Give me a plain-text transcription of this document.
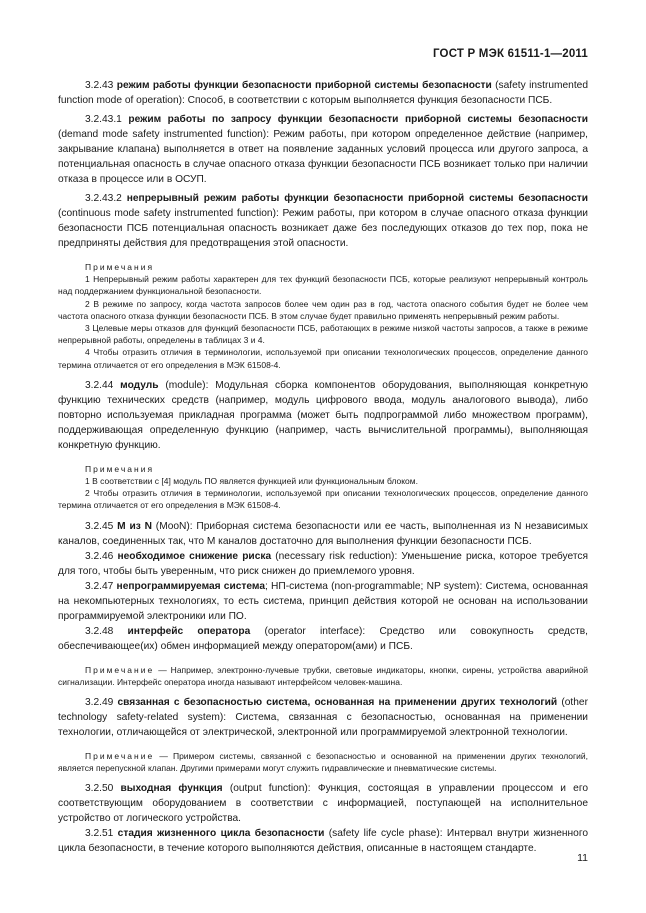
ГОСТ Р МЭК 61511-1—2011

3.2.43 режим работы функции безопасности приборной системы безопасности (safety instrumented function mode of operation): Способ, в соответствии с которым выполняется функция безопасности ПСБ.

3.2.43.1 режим работы по запросу функции безопасности приборной системы безопасности (demand mode safety instrumented function): Режим работы, при котором определенное действие (например, закрывание клапана) выполняется в ответ на появление заданных условий процесса или другого запроса, а потенциальная опасность в случае опасного отказа функции безопасности ПСБ возникает только при наличии отказа в процессе или в ОСУП.

3.2.43.2 непрерывный режим работы функции безопасности приборной системы безопасности (continuous mode safety instrumented function): Режим работы, при котором в случае опасного отказа функции безопасности ПСБ потенциальная опасность возникает даже без последующих отказов до тех пор, пока не предприняты действия для предотвращения этой опасности.

Примечания

1 Непрерывный режим работы характерен для тех функций безопасности ПСБ, которые реализуют непрерывный контроль над поддержанием функциональной безопасности.

2 В режиме по запросу, когда частота запросов более чем один раз в год, частота опасного события будет не более чем частота опасного отказа функции безопасности ПСБ. В этом случае будет правильно применять непрерывный режим работы.

3 Целевые меры отказов для функций безопасности ПСБ, работающих в режиме низкой частоты запросов, а также в режиме непрерывной работы, определены в таблицах 3 и 4.

4 Чтобы отразить отличия в терминологии, используемой при описании технологических процессов, определение данного термина отличается от его определения в МЭК 61508-4.

3.2.44 модуль (module): Модульная сборка компонентов оборудования, выполняющая конкретную функцию технических средств (например, модуль цифрового ввода, модуль аналогового вывода), либо повторно используемая прикладная программа (может быть подпрограммой либо множеством программ), поддерживающая определенную функцию (например, часть вычислительной программы), выполняющая конкретную функцию.

Примечания

1 В соответствии с [4] модуль ПО является функцией или функциональным блоком.

2 Чтобы отразить отличия в терминологии, используемой при описании технологических процессов, определение данного термина отличается от его определения в МЭК 61508-4.

3.2.45 M из N (MooN): Приборная система безопасности или ее часть, выполненная из N независимых каналов, соединенных так, что M каналов достаточно для выполнения функции безопасности ПСБ.

3.2.46 необходимое снижение риска (necessary risk reduction): Уменьшение риска, которое требуется для того, чтобы быть уверенным, что риск снижен до приемлемого уровня.

3.2.47 непрограммируемая система; НП-система (non-programmable; NP system): Система, основанная на некомпьютерных технологиях, то есть система, принцип действия которой не основан на использовании программируемой электроники или ПО.

3.2.48 интерфейс оператора (operator interface): Средство или совокупность средств, обеспечивающее(их) обмен информацией между оператором(ами) и ПСБ.

Примечание — Например, электронно-лучевые трубки, световые индикаторы, кнопки, сирены, устройства аварийной сигнализации. Интерфейс оператора иногда называют интерфейсом человек-машина.

3.2.49 связанная с безопасностью система, основанная на применении других технологий (other technology safety-related system): Система, связанная с безопасностью, основанная на применении технологии, отличающейся от электрической, электронной или программируемой электронной технологии.

Примечание — Примером системы, связанной с безопасностью и основанной на применении других технологий, является перепускной клапан. Другими примерами могут служить гидравлические и пневматические системы.

3.2.50 выходная функция (output function): Функция, состоящая в управлении процессом и его соответствующим оборудованием в соответствии с информацией, поступающей на исполнительное устройство от логического устройства.

3.2.51 стадия жизненного цикла безопасности (safety life cycle phase): Интервал внутри жизненного цикла безопасности, в течение которого выполняются действия, описанные в настоящем стандарте.

11
